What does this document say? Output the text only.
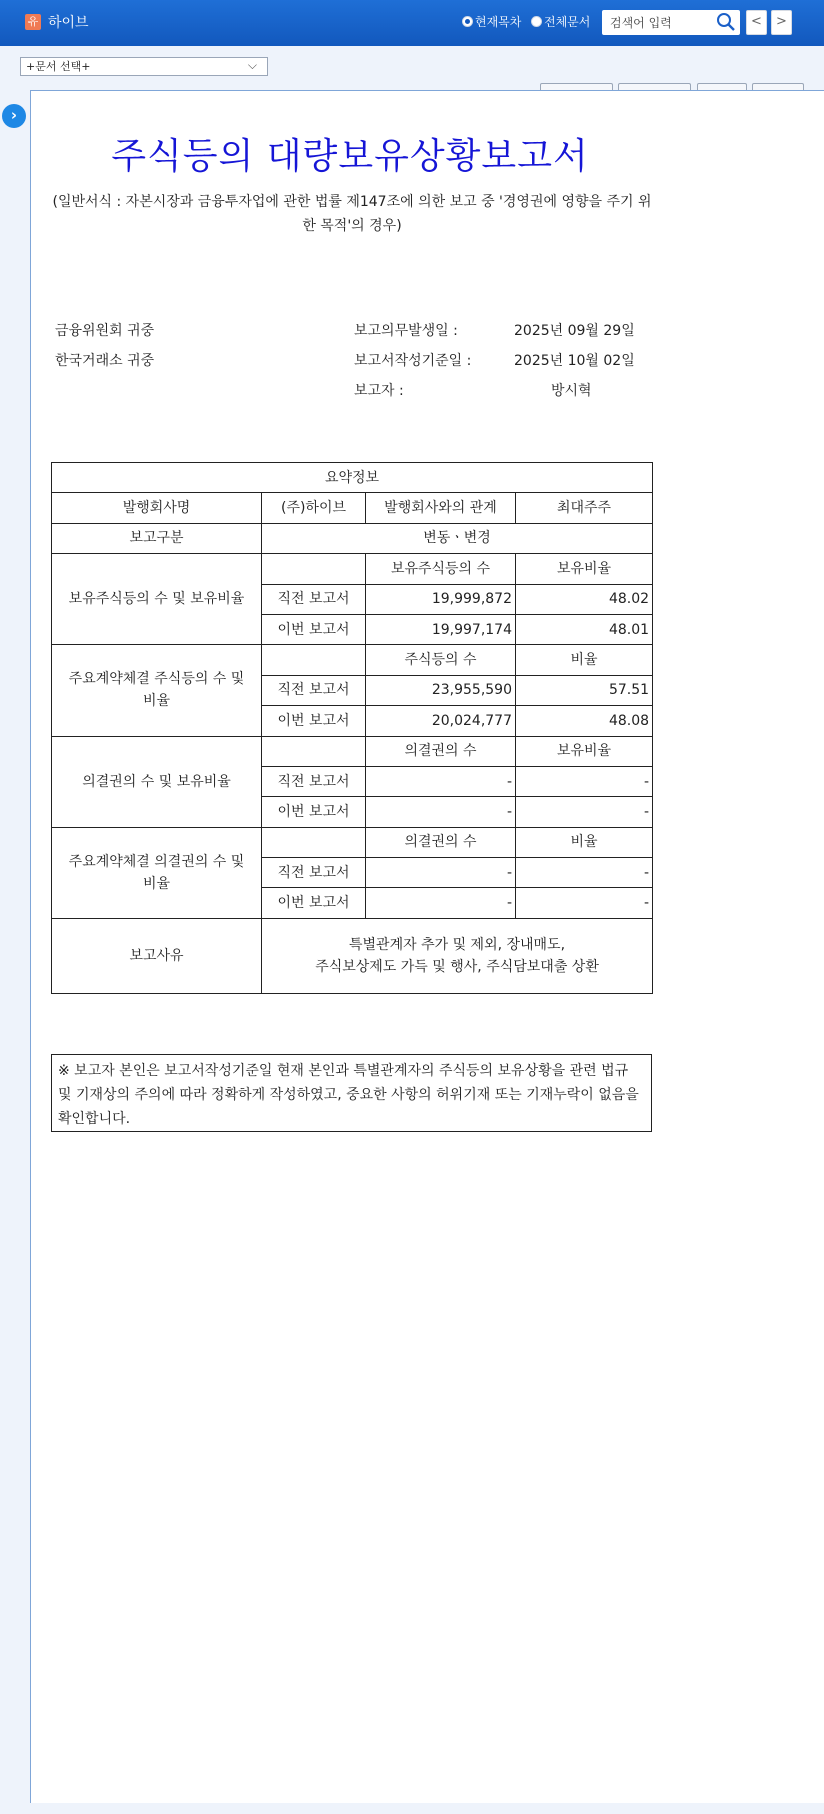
유 하이브	현재목차 전체문서 검색어 입력	<	>
+문서 선택+	⌵
›
주식등의 대량보유상황보고서
(일반서식 : 자본시장과 금융투자업에 관한 법률 제147조에 의한 보고 중 '경영권에 영향을 주기 위한 목적'의 경우)
금융위원회 귀중
한국거래소 귀중
보고의무발생일 :	2025년 09월 29일
보고서작성기준일 :	2025년 10월 02일
보고자 :	방시혁
요약정보			
발행회사명	(주)하이브	발행회사와의 관계	최대주주
보고구분	변동ㆍ변경		
보유주식등의 수 및 보유비율		보유주식등의 수	보유비율
	직전 보고서	19,999,872	48.02
	이번 보고서	19,997,174	48.01
주요계약체결 주식등의 수 및 비율		주식등의 수	비율
	직전 보고서	23,955,590	57.51
	이번 보고서	20,024,777	48.08
의결권의 수 및 보유비율		의결권의 수	보유비율
	직전 보고서	-	-
	이번 보고서	-	-
주요계약체결 의결권의 수 및 비율		의결권의 수	비율
	직전 보고서	-	-
	이번 보고서	-	-
보고사유	특별관계자 추가 및 제외, 장내매도,
주식보상제도 가득 및 행사, 주식담보대출 상환		
※ 보고자 본인은 보고서작성기준일 현재 본인과 특별관계자의 주식등의 보유상황을 관련 법규 및 기재상의 주의에 따라 정확하게 작성하였고, 중요한 사항의 허위기재 또는 기재누락이 없음을 확인합니다.
